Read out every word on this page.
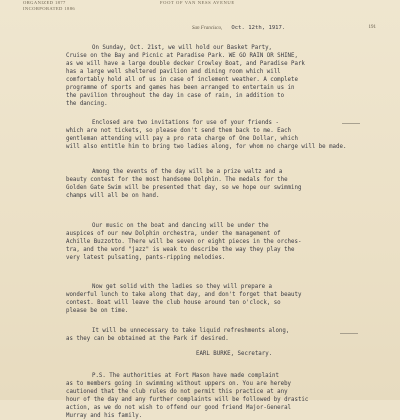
ORGANIZED 1877
INCORPORATED 1886
FOOT OF VAN NESS AVENUE
San Francisco, Oct. 12th, 1917.	191
On Sunday, Oct. 21st, we will hold our Basket Party,
Cruise on the Bay and Picnic at Paradise Park. WE GO RAIN OR SHINE,
as we will have a large double decker Crowley Boat, and Paradise Park
has a large well sheltered pavilion and dining room which will
comfortably hold all of us in case of inclement weather. A complete
programme of sports and games has been arranged to entertain us in
the pavilion throughout the day in case of rain, in addition to
the dancing.
Enclosed are two invitations for use of your friends -
which are not tickets, so please don't send them back to me. Each
gentleman attending will pay a pro rata charge of One Dollar, which
will also entitle him to bring two ladies along, for whom no charge will be made.
Among the events of the day will be a prize waltz and a
beauty contest for the most handsome Dolphin. The medals for the
Golden Gate Swim will be presented that day, so we hope our swimming
champs will all be on hand.
Our music on the boat and dancing will be under the
auspices of our new Dolphin orchestra, under the management of
Achille Buzzotto. There will be seven or eight pieces in the orches-
tra, and the word "jazz" is weak to describe the way they play the
very latest pulsating, pants-ripping melodies.
Now get solid with the ladies so they will prepare a
wonderful lunch to take along that day, and don't forget that beauty
contest. Boat will leave the club house around ten o'clock, so
please be on time.
It will be unnecessary to take liquid refreshments along,
as they can be obtained at the Park if desired.
EARL BURKE, Secretary.
P.S. The authorities at Fort Mason have made complaint
as to members going in swimming without uppers on. You are hereby
cautioned that the club rules do not permit this practice at any
hour of the day and any further complaints will be followed by drastic
action, as we do not wish to offend our good friend Major-General
Murray and his family.
